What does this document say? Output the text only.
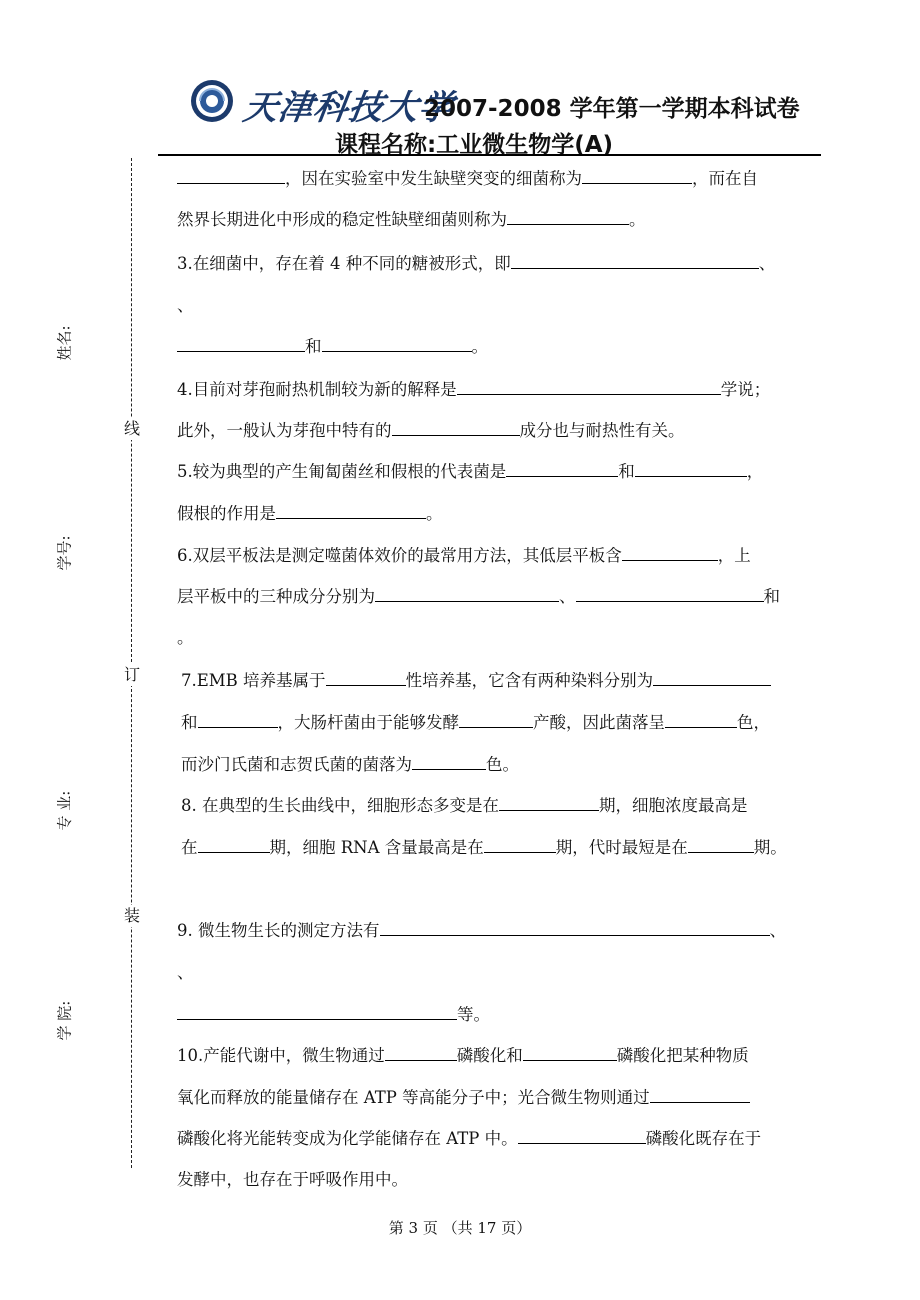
天津科技大学
2007-2008 学年第一学期本科试卷
课程名称:工业微生物学(A)
线
订
装
姓名:
学号:
专 业:
学 院:
，因在实验室中发生缺壁突变的细菌称为	，而在自
然界长期进化中形成的稳定性缺壁细菌则称为	。
3.在细菌中，存在着 4 种不同的糖被形式，即	、
、
和	。
4.目前对芽孢耐热机制较为新的解释是	学说；
此外，一般认为芽孢中特有的	成分也与耐热性有关。
5.较为典型的产生匍匐菌丝和假根的代表菌是	和	，
假根的作用是	。
6.双层平板法是测定噬菌体效价的最常用方法，其低层平板含	，上
层平板中的三种成分分别为	、	和
。
7.EMB 培养基属于	性培养基，它含有两种染料分别为
和	，大肠杆菌由于能够发酵	产酸，因此菌落呈	色，
而沙门氏菌和志贺氏菌的菌落为	色。
8. 在典型的生长曲线中，细胞形态多变是在	期，细胞浓度最高是
在	期，细胞 RNA 含量最高是在	期，代时最短是在	期。
9. 微生物生长的测定方法有	、
、
等。
10.产能代谢中，微生物通过	磷酸化和	磷酸化把某种物质
氧化而释放的能量储存在 ATP 等高能分子中；光合微生物则通过
磷酸化将光能转变成为化学能储存在 ATP 中。	磷酸化既存在于
发酵中，也存在于呼吸作用中。
第 3 页 （共 17 页）
